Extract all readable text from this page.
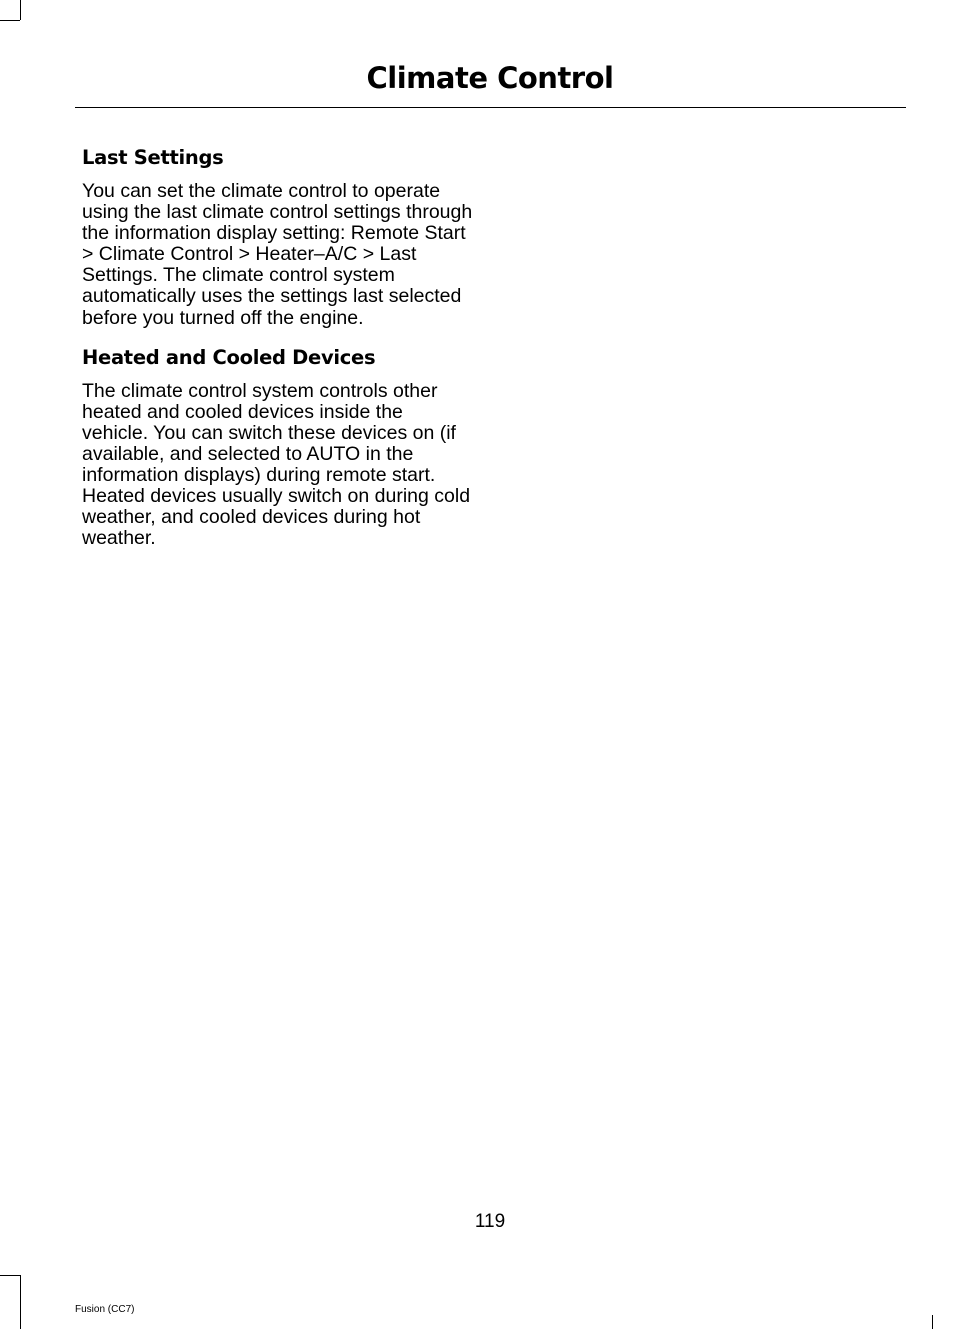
Climate Control
Last Settings

You can set the climate control to operate using the last climate control settings through the information display setting: Remote Start > Climate Control > Heater–A/C > Last Settings. The climate control system automatically uses the settings last selected before you turned off the engine.

Heated and Cooled Devices

The climate control system controls other heated and cooled devices inside the vehicle. You can switch these devices on (if available, and selected to AUTO in the information displays) during remote start. Heated devices usually switch on during cold weather, and cooled devices during hot weather.

119
Fusion (CC7)
